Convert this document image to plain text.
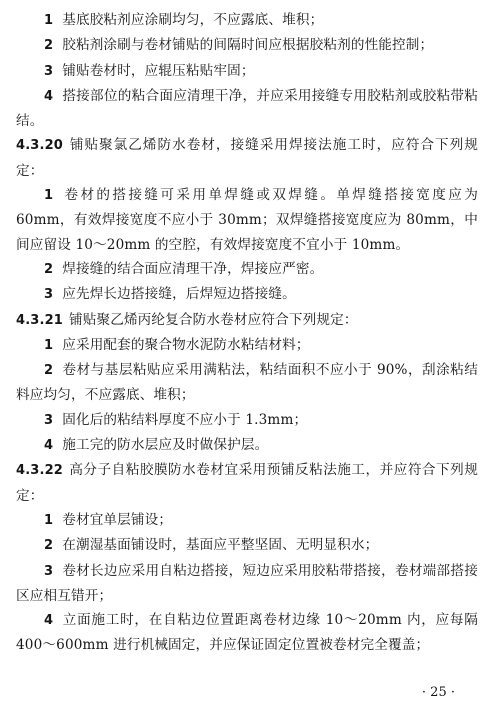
1 基底胶粘剂应涂刷均匀，不应露底、堆积；

2 胶粘剂涂刷与卷材铺贴的间隔时间应根据胶粘剂的性能控制；

3 铺贴卷材时，应辊压粘贴牢固；

4 搭接部位的粘合面应清理干净，并应采用接缝专用胶粘剂或胶粘带粘结。

4.3.20 铺贴聚氯乙烯防水卷材，接缝采用焊接法施工时，应符合下列规定：

1 卷材的搭接缝可采用单焊缝或双焊缝。单焊缝搭接宽度应为 60mm，有效焊接宽度不应小于 30mm；双焊缝搭接宽度应为 80mm，中间应留设 10～20mm 的空腔，有效焊接宽度不宜小于 10mm。

2 焊接缝的结合面应清理干净，焊接应严密。

3 应先焊长边搭接缝，后焊短边搭接缝。

4.3.21 铺贴聚乙烯丙纶复合防水卷材应符合下列规定：

1 应采用配套的聚合物水泥防水粘结材料；

2 卷材与基层粘贴应采用满粘法，粘结面积不应小于 90%，刮涂粘结料应均匀，不应露底、堆积；

3 固化后的粘结料厚度不应小于 1.3mm；

4 施工完的防水层应及时做保护层。

4.3.22 高分子自粘胶膜防水卷材宜采用预铺反粘法施工，并应符合下列规定：

1 卷材宜单层铺设；

2 在潮湿基面铺设时，基面应平整坚固、无明显积水；

3 卷材长边应采用自粘边搭接，短边应采用胶粘带搭接，卷材端部搭接区应相互错开；

4 立面施工时，在自粘边位置距离卷材边缘 10～20mm 内，应每隔 400～600mm 进行机械固定，并应保证固定位置被卷材完全覆盖；

· 25 ·
